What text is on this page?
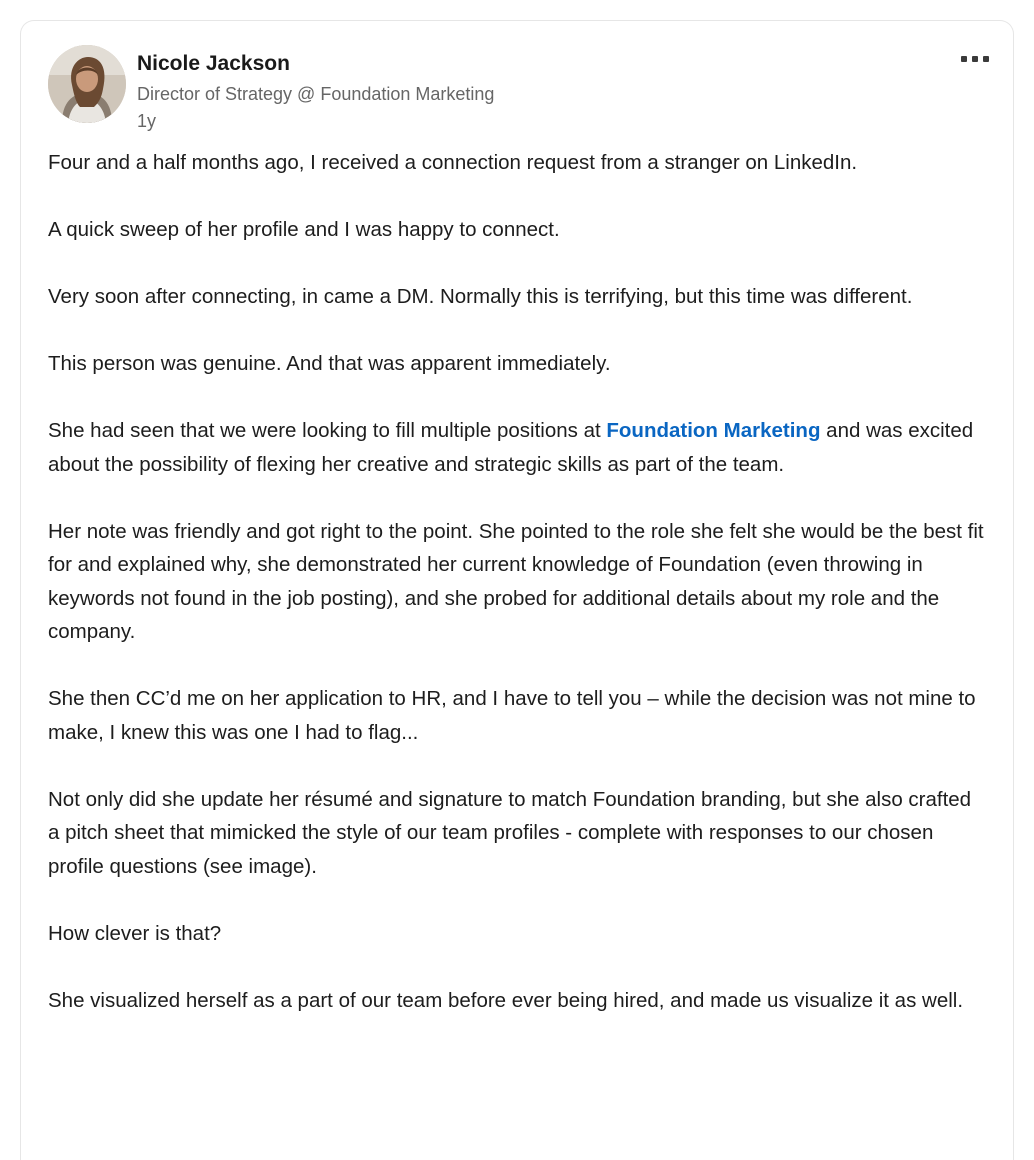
Nicole Jackson
Director of Strategy @ Foundation Marketing
1y

Four and a half months ago, I received a connection request from a stranger on LinkedIn.

A quick sweep of her profile and I was happy to connect.

Very soon after connecting, in came a DM. Normally this is terrifying, but this time was different.

This person was genuine. And that was apparent immediately.

She had seen that we were looking to fill multiple positions at Foundation Marketing and was excited about the possibility of flexing her creative and strategic skills as part of the team.

Her note was friendly and got right to the point. She pointed to the role she felt she would be the best fit for and explained why, she demonstrated her current knowledge of Foundation (even throwing in keywords not found in the job posting), and she probed for additional details about my role and the company.

She then CC’d me on her application to HR, and I have to tell you – while the decision was not mine to make, I knew this was one I had to flag...

Not only did she update her résumé and signature to match Foundation branding, but she also crafted a pitch sheet that mimicked the style of our team profiles - complete with responses to our chosen profile questions (see image).

How clever is that?

She visualized herself as a part of our team before ever being hired, and made us visualize it as well.
